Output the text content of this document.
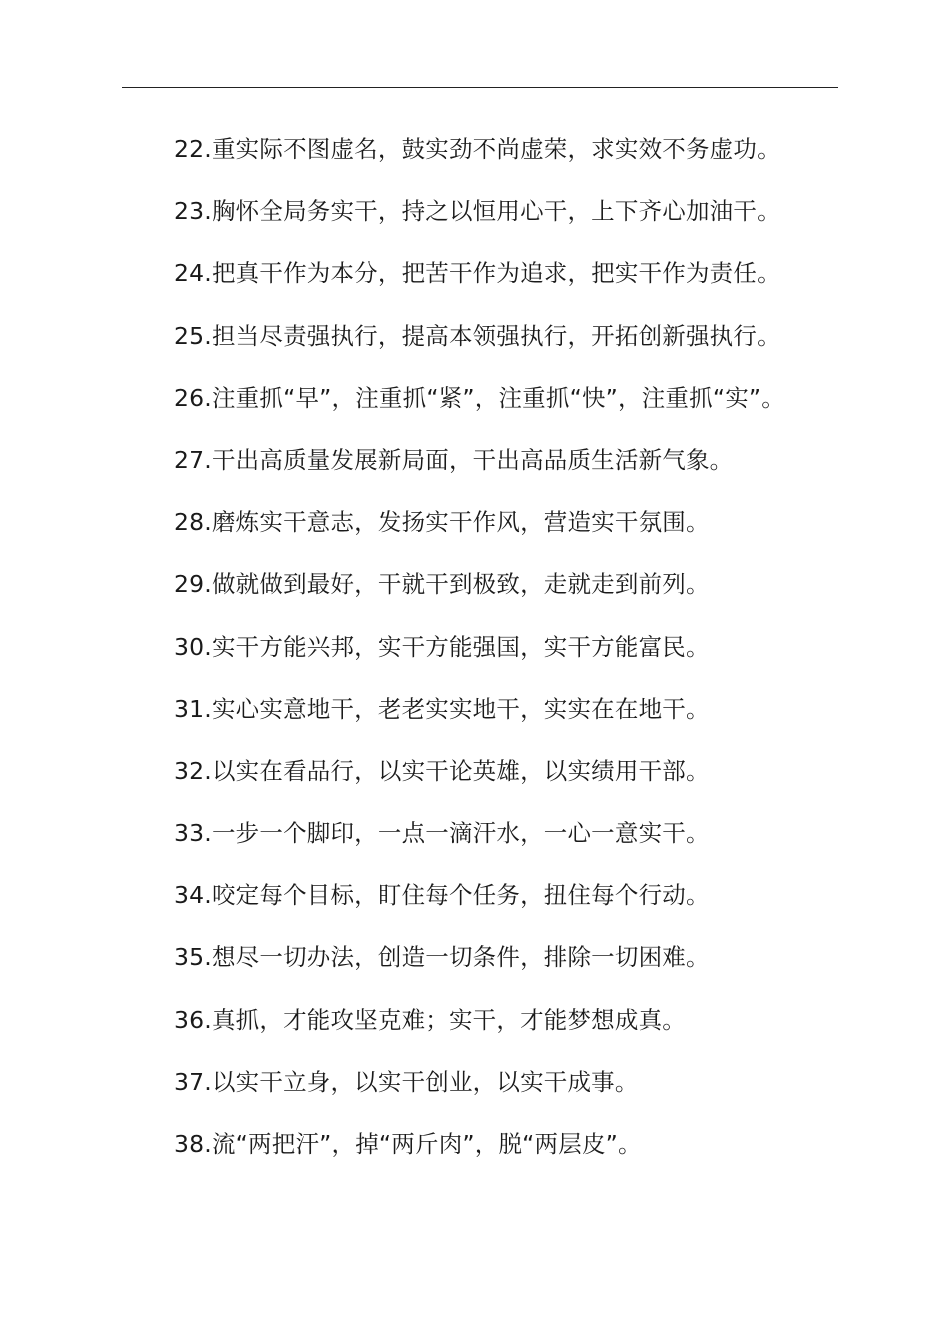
22.重实际不图虚名，鼓实劲不尚虚荣，求实效不务虚功。
23.胸怀全局务实干，持之以恒用心干，上下齐心加油干。
24.把真干作为本分，把苦干作为追求，把实干作为责任。
25.担当尽责强执行，提高本领强执行，开拓创新强执行。
26.注重抓“早”，注重抓“紧”，注重抓“快”，注重抓“实”。
27.干出高质量发展新局面，干出高品质生活新气象。
28.磨炼实干意志，发扬实干作风，营造实干氛围。
29.做就做到最好，干就干到极致，走就走到前列。
30.实干方能兴邦，实干方能强国，实干方能富民。
31.实心实意地干，老老实实地干，实实在在地干。
32.以实在看品行，以实干论英雄，以实绩用干部。
33.一步一个脚印，一点一滴汗水，一心一意实干。
34.咬定每个目标，盯住每个任务，扭住每个行动。
35.想尽一切办法，创造一切条件，排除一切困难。
36.真抓，才能攻坚克难；实干，才能梦想成真。
37.以实干立身，以实干创业，以实干成事。
38.流“两把汗”，掉“两斤肉”，脱“两层皮”。
